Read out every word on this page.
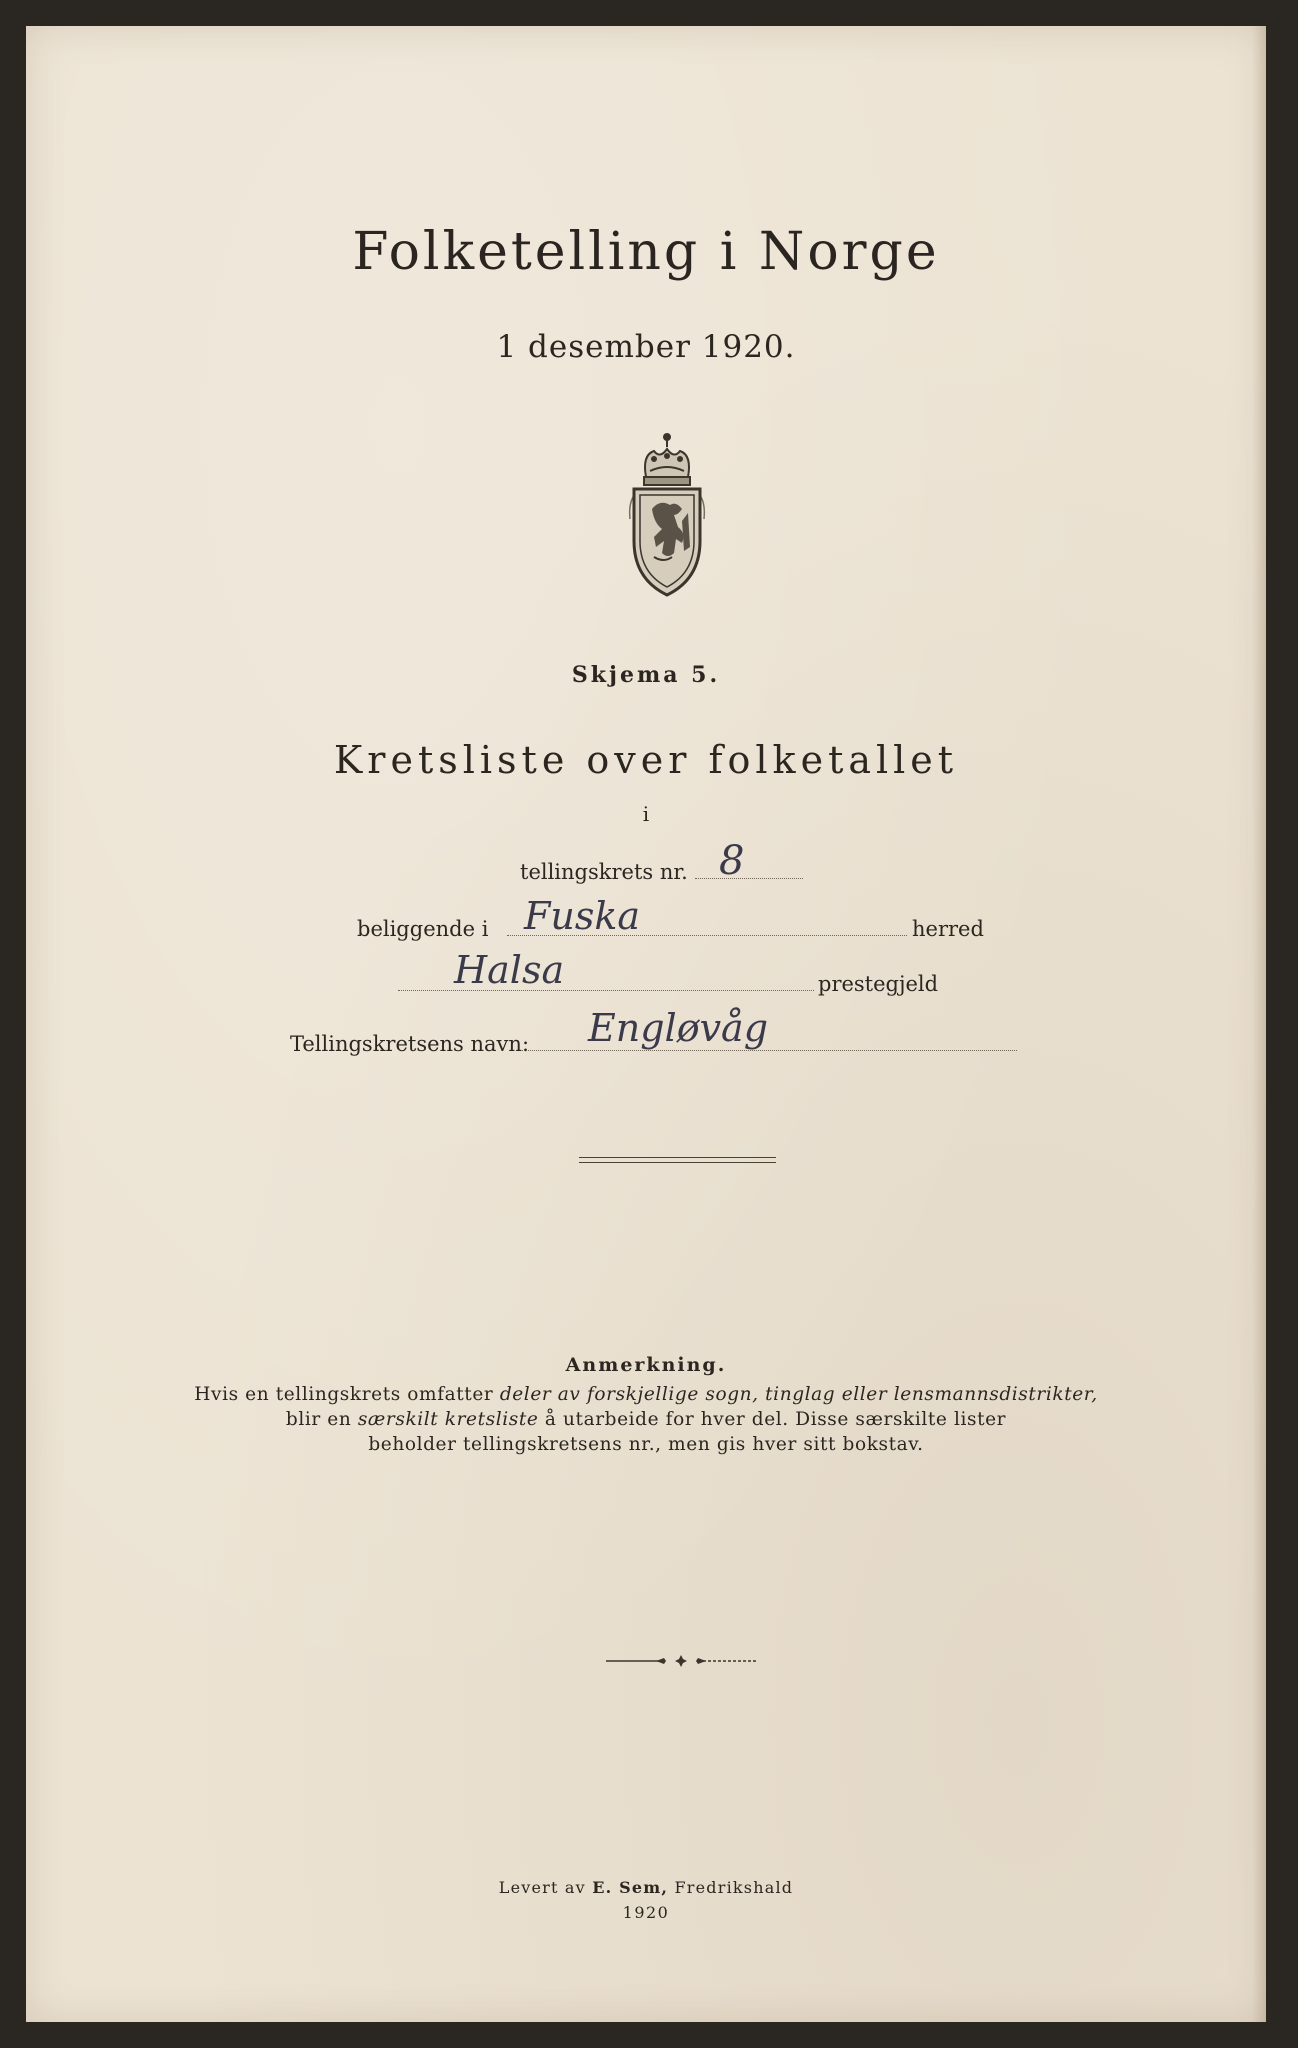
Folketelling i Norge
1 desember 1920.
Skjema 5.
Kretsliste over folketallet
i
tellingskrets nr. 8
beliggende i Fuska	herred
Halsa	prestegjeld
Tellingskretsens navn: Engløvåg
Anmerkning.
Hvis en tellingskrets omfatter deler av forskjellige sogn, tinglag eller lensmannsdistrikter,
blir en særskilt kretsliste å utarbeide for hver del. Disse særskilte lister
beholder tellingskretsens nr., men gis hver sitt bokstav.
Levert av E. Sem, Fredrikshald
1920
